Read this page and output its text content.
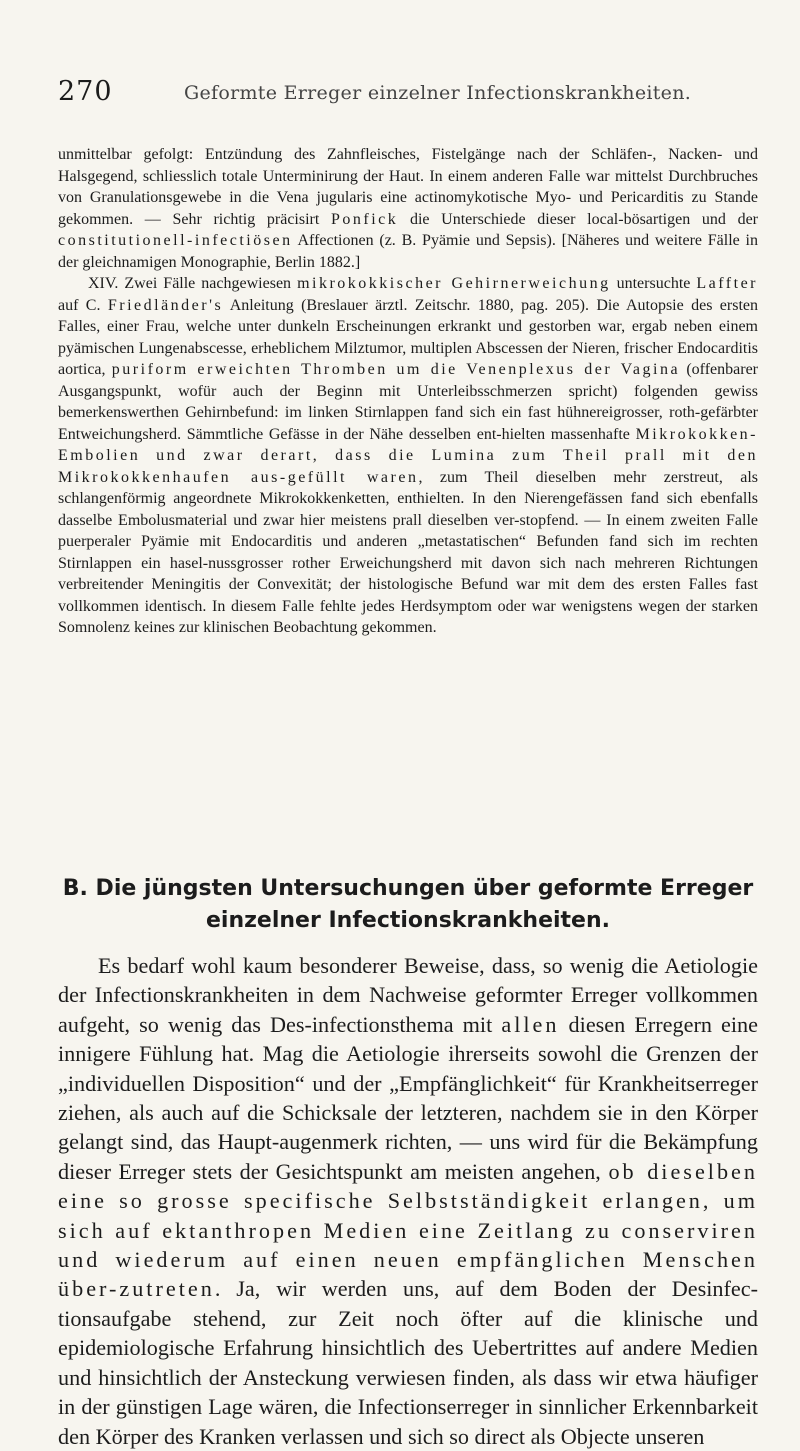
270	Geformte Erreger einzelner Infectionskrankheiten.

unmittelbar gefolgt: Entzündung des Zahnfleisches, Fistelgänge nach der Schläfen-, Nacken- und Halsgegend, schliesslich totale Unterminirung der Haut. In einem anderen Falle war mittelst Durchbruches von Granulationsgewebe in die Vena jugularis eine actinomykotische Myo- und Pericarditis zu Stande gekommen. — Sehr richtig präcisirt Ponfick die Unterschiede dieser local-bösartigen und der constitutionell-infectiösen Affectionen (z. B. Pyämie und Sepsis). [Näheres und weitere Fälle in der gleichnamigen Monographie, Berlin 1882.]

XIV. Zwei Fälle nachgewiesen mikrokokkischer Gehirnerweichung untersuchte Laffter auf C. Friedländer's Anleitung (Breslauer ärztl. Zeitschr. 1880, pag. 205). Die Autopsie des ersten Falles, einer Frau, welche unter dunkeln Erscheinungen erkrankt und gestorben war, ergab neben einem pyämischen Lungenabscesse, erheblichem Milztumor, multiplen Abscessen der Nieren, frischer Endocarditis aortica, puriform erweichten Thromben um die Venenplexus der Vagina (offenbarer Ausgangspunkt, wofür auch der Beginn mit Unterleibsschmerzen spricht) folgenden gewiss bemerkenswerthen Gehirnbefund: im linken Stirnlappen fand sich ein fast hühnereigrosser, roth-gefärbter Entweichungsherd. Sämmtliche Gefässe in der Nähe desselben ent-hielten massenhafte Mikrokokken-Embolien und zwar derart, dass die Lumina zum Theil prall mit den Mikrokokkenhaufen aus-gefüllt waren, zum Theil dieselben mehr zerstreut, als schlangenförmig angeordnete Mikrokokkenketten, enthielten. In den Nierengefässen fand sich ebenfalls dasselbe Embolusmaterial und zwar hier meistens prall dieselben ver-stopfend. — In einem zweiten Falle puerperaler Pyämie mit Endocarditis und anderen „metastatischen“ Befunden fand sich im rechten Stirnlappen ein hasel-nussgrosser rother Erweichungsherd mit davon sich nach mehreren Richtungen verbreitender Meningitis der Convexität; der histologische Befund war mit dem des ersten Falles fast vollkommen identisch. In diesem Falle fehlte jedes Herdsymptom oder war wenigstens wegen der starken Somnolenz keines zur klinischen Beobachtung gekommen.

B. Die jüngsten Untersuchungen über geformte Erreger einzelner Infectionskrankheiten.

Es bedarf wohl kaum besonderer Beweise, dass, so wenig die Aetiologie der Infectionskrankheiten in dem Nachweise geformter Erreger vollkommen aufgeht, so wenig das Des-infectionsthema mit allen diesen Erregern eine innigere Fühlung hat. Mag die Aetiologie ihrerseits sowohl die Grenzen der „individuellen Disposition“ und der „Empfänglichkeit“ für Krankheitserreger ziehen, als auch auf die Schicksale der letzteren, nachdem sie in den Körper gelangt sind, das Haupt-augenmerk richten, — uns wird für die Bekämpfung dieser Erreger stets der Gesichtspunkt am meisten angehen, ob dieselben eine so grosse specifische Selbstständigkeit erlangen, um sich auf ektanthropen Medien eine Zeitlang zu conserviren und wiederum auf einen neuen empfänglichen Menschen über-zutreten. Ja, wir werden uns, auf dem Boden der Desinfec-tionsaufgabe stehend, zur Zeit noch öfter auf die klinische und epidemiologische Erfahrung hinsichtlich des Uebertrittes auf andere Medien und hinsichtlich der Ansteckung verwiesen finden, als dass wir etwa häufiger in der günstigen Lage wären, die Infectionserreger in sinnlicher Erkennbarkeit den Körper des Kranken verlassen und sich so direct als Objecte unseren
